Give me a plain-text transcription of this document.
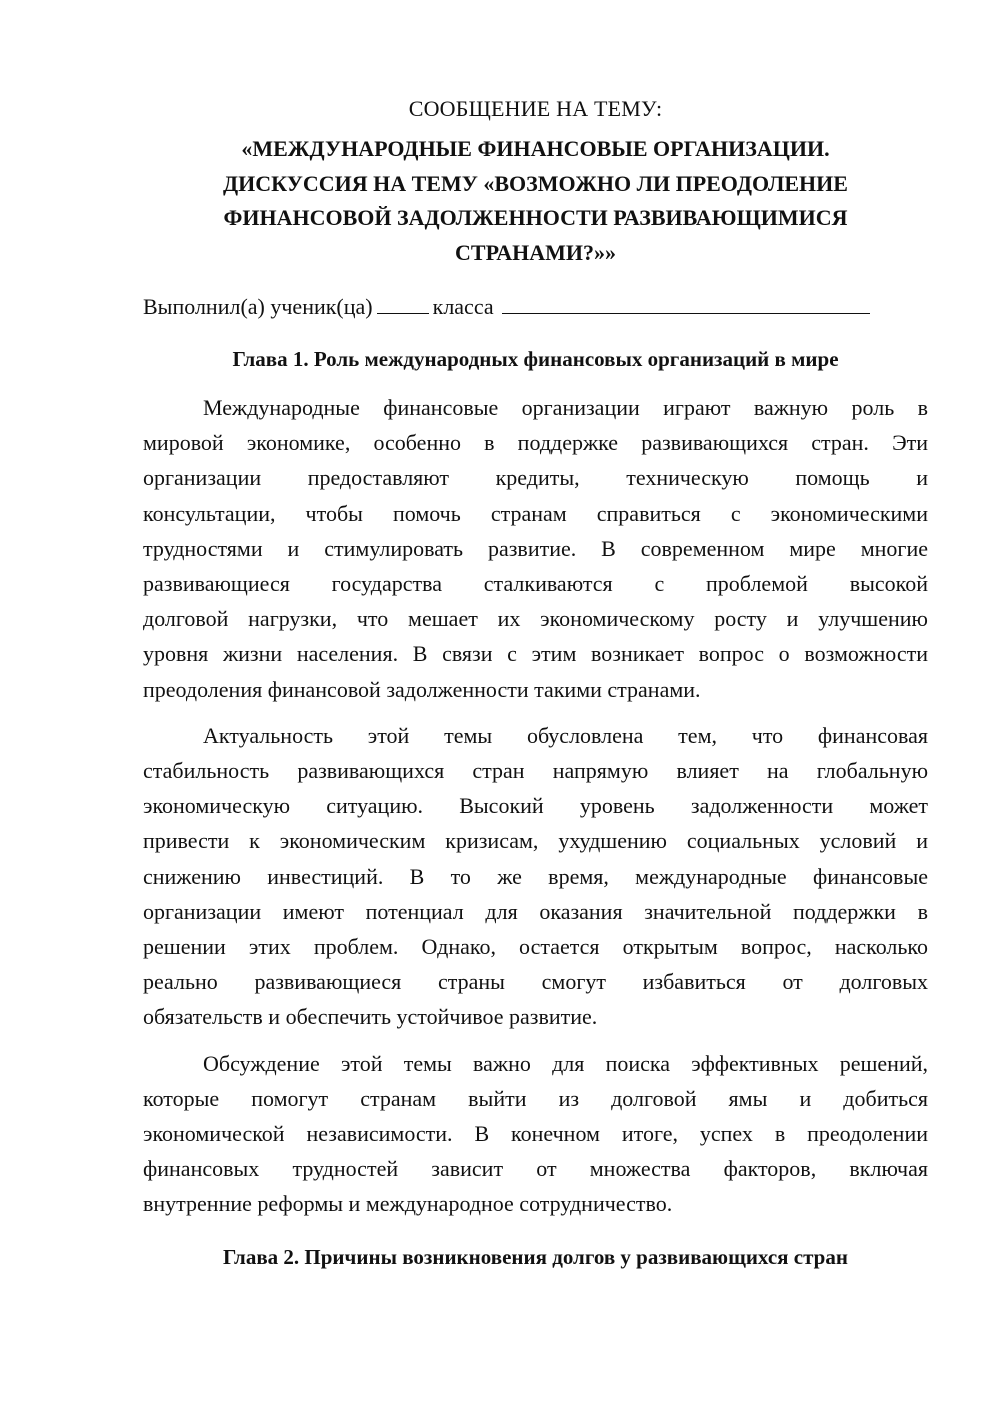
СООБЩЕНИЕ НА ТЕМУ:
«МЕЖДУНАРОДНЫЕ ФИНАНСОВЫЕ ОРГАНИЗАЦИИ.
ДИСКУССИЯ НА ТЕМУ «ВОЗМОЖНО ЛИ ПРЕОДОЛЕНИЕ
ФИНАНСОВОЙ ЗАДОЛЖЕННОСТИ РАЗВИВАЮЩИМИСЯ
СТРАНАМИ?»»
Выполнил(а) ученик(ца)	класса
Глава 1. Роль международных финансовых организаций в мире
Международные финансовые организации играют важную роль в
мировой экономике, особенно в поддержке развивающихся стран. Эти
организации предоставляют кредиты, техническую помощь и
консультации, чтобы помочь странам справиться с экономическими
трудностями и стимулировать развитие. В современном мире многие
развивающиеся государства сталкиваются с проблемой высокой
долговой нагрузки, что мешает их экономическому росту и улучшению
уровня жизни населения. В связи с этим возникает вопрос о возможности
преодоления финансовой задолженности такими странами.
Актуальность этой темы обусловлена тем, что финансовая
стабильность развивающихся стран напрямую влияет на глобальную
экономическую ситуацию. Высокий уровень задолженности может
привести к экономическим кризисам, ухудшению социальных условий и
снижению инвестиций. В то же время, международные финансовые
организации имеют потенциал для оказания значительной поддержки в
решении этих проблем. Однако, остается открытым вопрос, насколько
реально развивающиеся страны смогут избавиться от долговых
обязательств и обеспечить устойчивое развитие.
Обсуждение этой темы важно для поиска эффективных решений,
которые помогут странам выйти из долговой ямы и добиться
экономической независимости. В конечном итоге, успех в преодолении
финансовых трудностей зависит от множества факторов, включая
внутренние реформы и международное сотрудничество.
Глава 2. Причины возникновения долгов у развивающихся стран
